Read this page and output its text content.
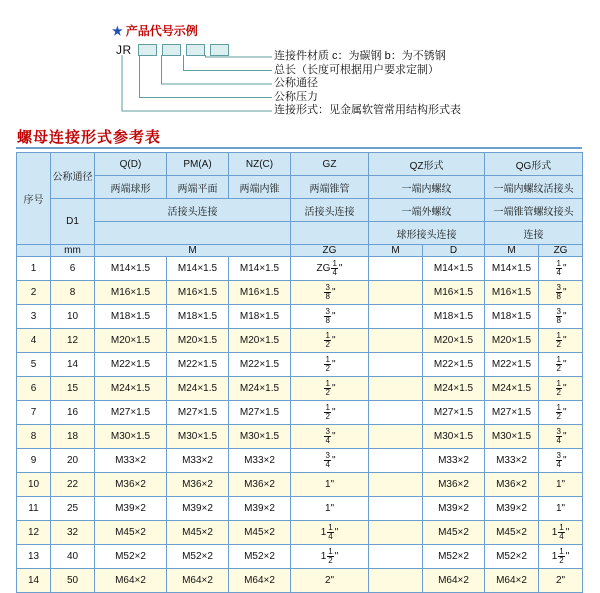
★ 产品代号示例
JR	连接件材质 c：为碳钢 b：为不锈钢
总长（长度可根据用户要求定制）
公称通径
公称压力
连接形式：见金属软管常用结构形式表
螺母连接形式参考表
序号	公称通径	Q(D)	PM(A)	NZ(C)	GZ	QZ形式		QG形式	
		两端球形	两端平面	两端内锥	两端锥管	一端内螺纹		一端内螺纹活接头	
	D1	活接头连接			活接头连接	一端外螺纹		一端锥管螺纹接头	
						球形接头连接		连接	
	mm	M			ZG	M	D	M	ZG
1	6	M14×1.5	M14×1.5	M14×1.5	ZG $\frac{1}{4}$ "		M14×1.5	M14×1.5	$\frac{1}{4}$ "

2	8	M16×1.5	M16×1.5	M16×1.5	$\frac{3}{8}$ "		M16×1.5	M16×1.5	$\frac{3}{8}$ "

3	10	M18×1.5	M18×1.5	M18×1.5	$\frac{3}{8}$ "		M18×1.5	M18×1.5	$\frac{3}{8}$ "

4	12	M20×1.5	M20×1.5	M20×1.5	$\frac{1}{2}$ "		M20×1.5	M20×1.5	$\frac{1}{2}$ "

5	14	M22×1.5	M22×1.5	M22×1.5	$\frac{1}{2}$ "		M22×1.5	M22×1.5	$\frac{1}{2}$ "

6	15	M24×1.5	M24×1.5	M24×1.5	$\frac{1}{2}$ "		M24×1.5	M24×1.5	$\frac{1}{2}$ "

7	16	M27×1.5	M27×1.5	M27×1.5	$\frac{1}{2}$ "		M27×1.5	M27×1.5	$\frac{1}{2}$ "

8	18	M30×1.5	M30×1.5	M30×1.5	$\frac{3}{4}$ "		M30×1.5	M30×1.5	$\frac{3}{4}$ "

9	20	M33×2	M33×2	M33×2	$\frac{3}{4}$ "		M33×2	M33×2	$\frac{3}{4}$ "

10	22	M36×2	M36×2	M36×2	1"		M36×2	M36×2	1"

11	25	M39×2	M39×2	M39×2	1"		M39×2	M39×2	1"

12	32	M45×2	M45×2	M45×2	$1 \frac{1}{4}$ "		M45×2	M45×2	$1 \frac{1}{4}$ "

13	40	M52×2	M52×2	M52×2	$1 \frac{1}{2}$ "		M52×2	M52×2	$1 \frac{1}{2}$ "

14	50	M64×2	M64×2	M64×2	2"		M64×2	M64×2	2"
